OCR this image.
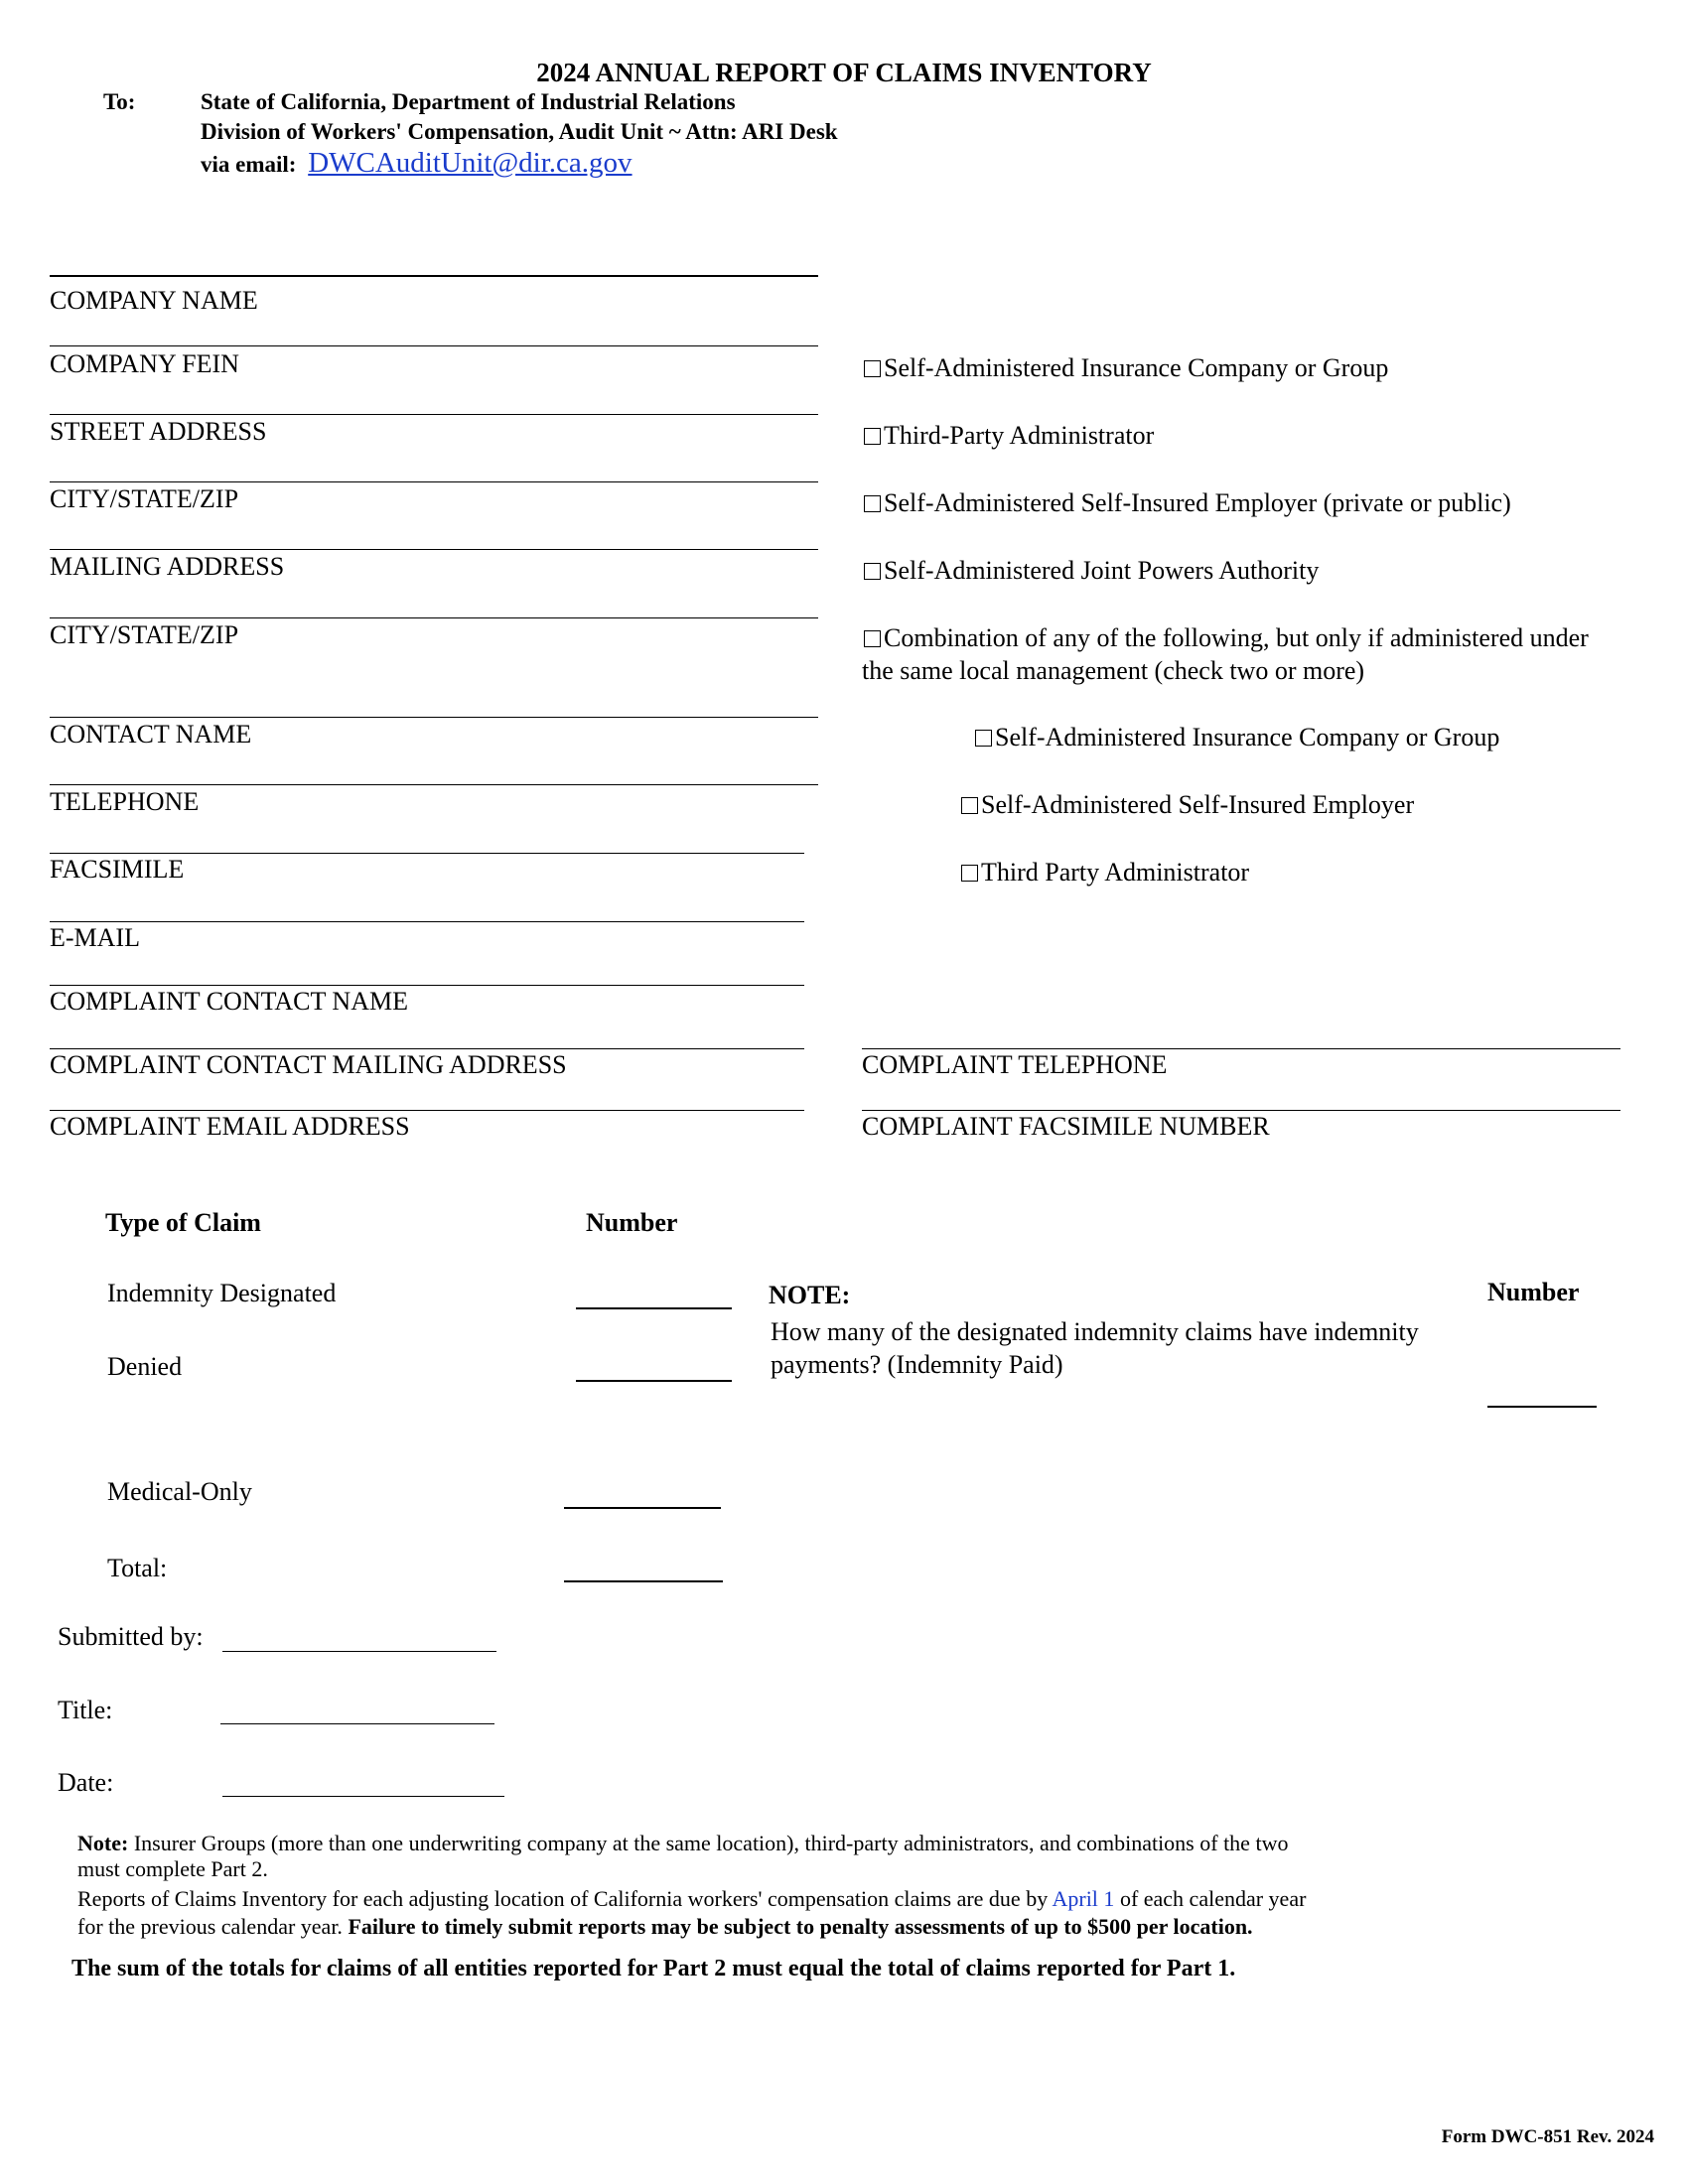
2024 ANNUAL REPORT OF CLAIMS INVENTORY
To:	State of California, Department of Industrial Relations
Division of Workers' Compensation, Audit Unit ~ Attn: ARI Desk
via email: DWCAuditUnit@dir.ca.gov
COMPANY NAME
COMPANY FEIN
STREET ADDRESS
CITY/STATE/ZIP
MAILING ADDRESS
CITY/STATE/ZIP
CONTACT NAME
TELEPHONE
FACSIMILE
E-MAIL
COMPLAINT CONTACT NAME
COMPLAINT CONTACT MAILING ADDRESS
COMPLAINT EMAIL ADDRESS
COMPLAINT TELEPHONE
COMPLAINT FACSIMILE NUMBER
Self-Administered Insurance Company or Group
Third-Party Administrator
Self-Administered Self-Insured Employer (private or public)
Self-Administered Joint Powers Authority
Combination of any of the following, but only if administered under
the same local management (check two or more)
Self-Administered Insurance Company or Group
Self-Administered Self-Insured Employer
Third Party Administrator
Type of Claim	Number
Indemnity Designated
Denied
NOTE:
How many of the designated indemnity claims have indemnity
payments? (Indemnity Paid)
Number
Medical-Only
Total:
Submitted by:
Title:
Date:
Note: Insurer Groups (more than one underwriting company at the same location), third-party administrators, and combinations of the two
must complete Part 2.
Reports of Claims Inventory for each adjusting location of California workers' compensation claims are due by April 1 of each calendar year
for the previous calendar year. Failure to timely submit reports may be subject to penalty assessments of up to $500 per location.
The sum of the totals for claims of all entities reported for Part 2 must equal the total of claims reported for Part 1.
Form DWC-851 Rev. 2024
